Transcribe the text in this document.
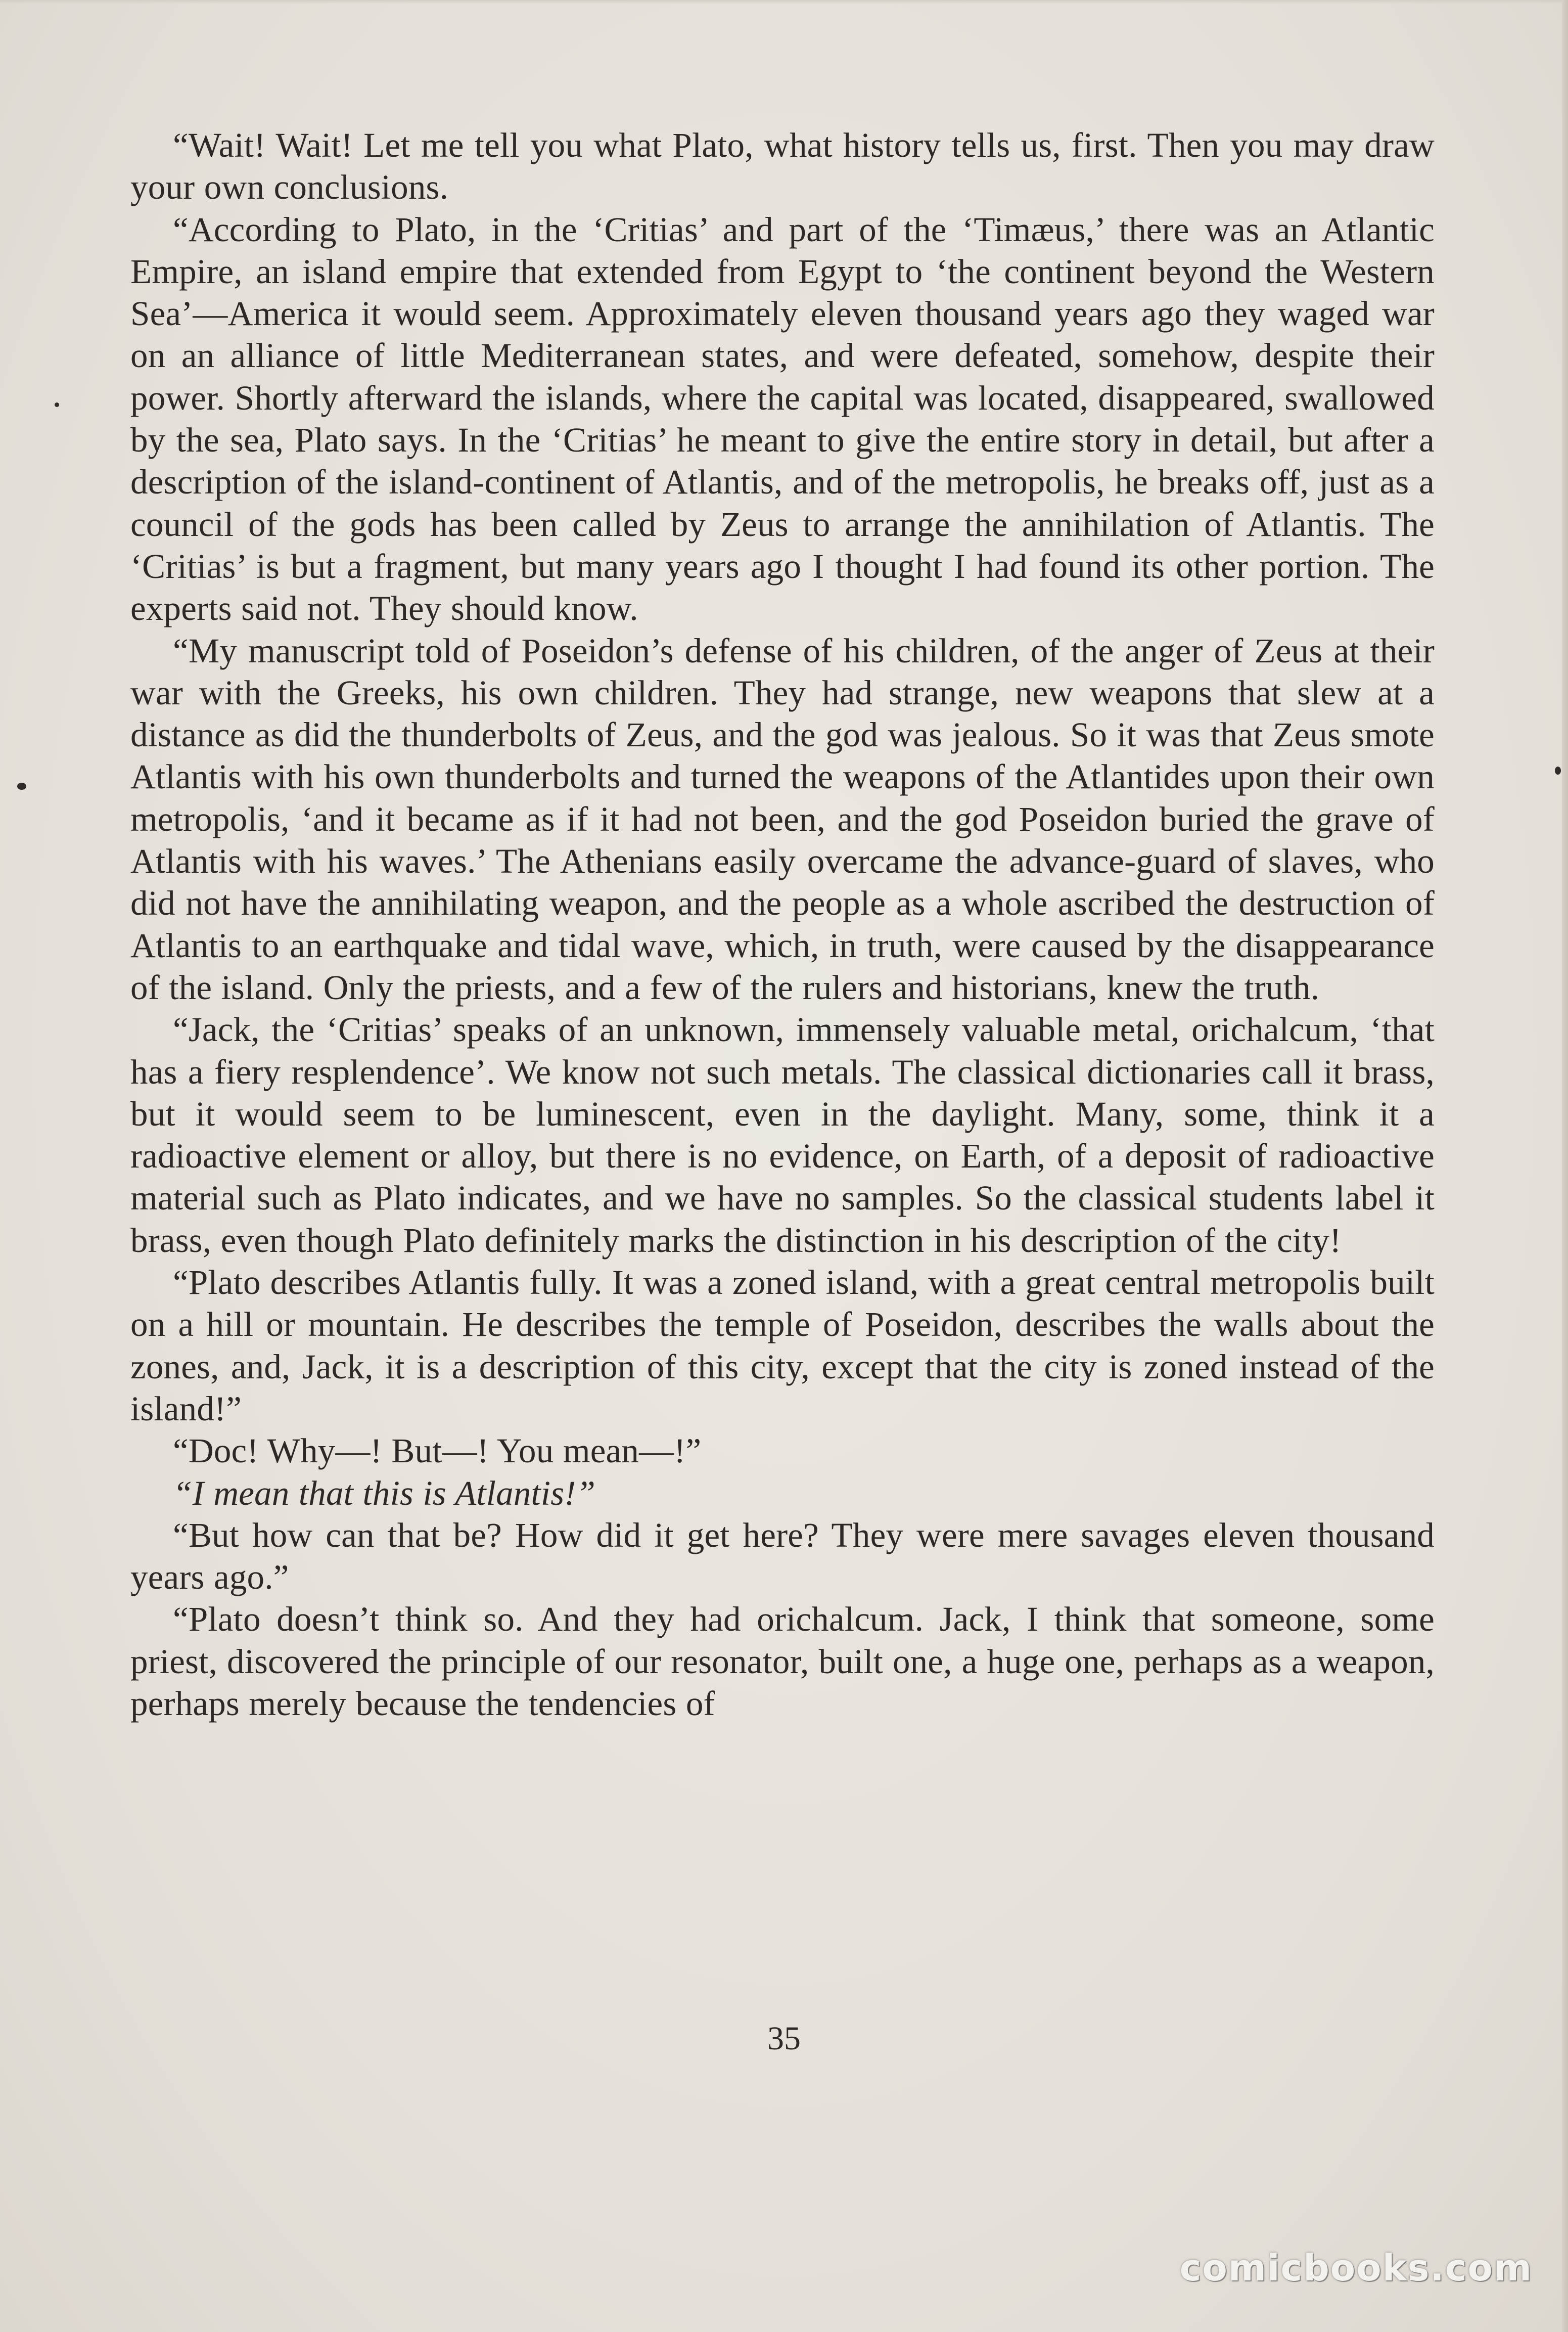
“Wait! Wait! Let me tell you what Plato, what history tells us, first. Then you may draw your own conclusions.

“According to Plato, in the ‘Critias’ and part of the ‘Timæus,’ there was an Atlantic Empire, an island empire that extended from Egypt to ‘the continent beyond the Western Sea’—America it would seem. Approximately eleven thousand years ago they waged war on an alliance of little Mediterranean states, and were defeated, somehow, despite their power. Shortly afterward the islands, where the capital was located, disappeared, swallowed by the sea, Plato says. In the ‘Critias’ he meant to give the entire story in detail, but after a description of the island-continent of Atlantis, and of the metropolis, he breaks off, just as a council of the gods has been called by Zeus to arrange the annihilation of Atlantis. The ‘Critias’ is but a fragment, but many years ago I thought I had found its other portion. The experts said not. They should know.

“My manuscript told of Poseidon’s defense of his children, of the anger of Zeus at their war with the Greeks, his own children. They had strange, new weapons that slew at a distance as did the thunderbolts of Zeus, and the god was jealous. So it was that Zeus smote Atlantis with his own thunderbolts and turned the weapons of the Atlantides upon their own metropolis, ‘and it became as if it had not been, and the god Poseidon buried the grave of Atlantis with his waves.’ The Athenians easily overcame the advance-guard of slaves, who did not have the annihilating weapon, and the people as a whole ascribed the destruction of Atlantis to an earthquake and tidal wave, which, in truth, were caused by the disappearance of the island. Only the priests, and a few of the rulers and historians, knew the truth.

“Jack, the ‘Critias’ speaks of an unknown, immensely valuable metal, orichalcum, ‘that has a fiery resplendence’. We know not such metals. The classical dictionaries call it brass, but it would seem to be luminescent, even in the daylight. Many, some, think it a radioactive element or alloy, but there is no evidence, on Earth, of a deposit of radioactive material such as Plato indicates, and we have no samples. So the classical students label it brass, even though Plato definitely marks the distinction in his description of the city!

“Plato describes Atlantis fully. It was a zoned island, with a great central metropolis built on a hill or mountain. He describes the temple of Poseidon, describes the walls about the zones, and, Jack, it is a description of this city, except that the city is zoned instead of the island!”

“Doc! Why—! But—! You mean—!”

“I mean that this is Atlantis!”

“But how can that be? How did it get here? They were mere savages eleven thousand years ago.”

“Plato doesn’t think so. And they had orichalcum. Jack, I think that someone, some priest, discovered the principle of our resonator, built one, a huge one, perhaps as a weapon, perhaps merely because the tendencies of

35
comicbooks.com
